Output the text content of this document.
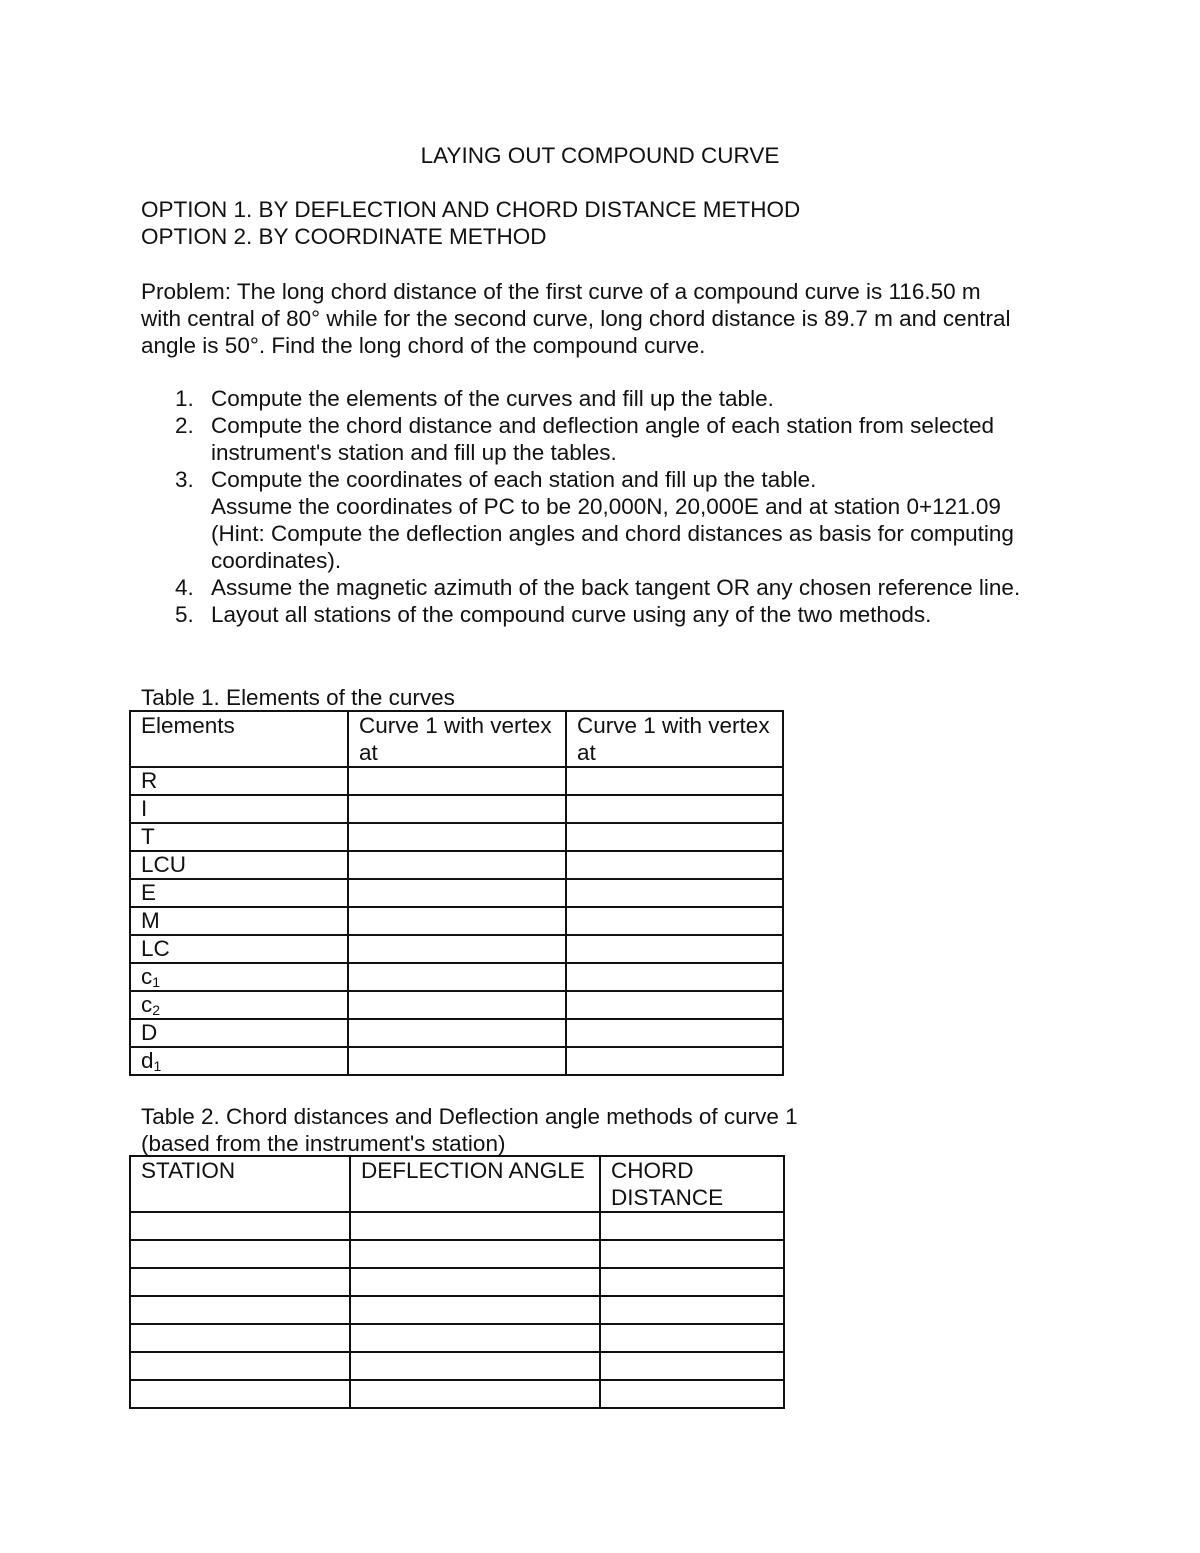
LAYING OUT COMPOUND CURVE

OPTION 1. BY DEFLECTION AND CHORD DISTANCE METHOD

OPTION 2. BY COORDINATE METHOD

Problem: The long chord distance of the first curve of a compound curve is 116.50 m

with central of 80° while for the second curve, long chord distance is 89.7 m and central

angle is 50°. Find the long chord of the compound curve.

1. Compute the elements of the curves and fill up the table.
2. Compute the chord distance and deflection angle of each station from selected
instrument's station and fill up the tables.
3. Compute the coordinates of each station and fill up the table.
Assume the coordinates of PC to be 20,000N, 20,000E and at station 0+121.09
(Hint: Compute the deflection angles and chord distances as basis for computing
coordinates).
4. Assume the magnetic azimuth of the back tangent OR any chosen reference line.
5. Layout all stations of the compound curve using any of the two methods.
Table 1. Elements of the curves
Elements	Curve 1 with vertex at	Curve 1 with vertex at
R		
I		
T		
LCU		
E		
M		
LC		
$c_1$		
$c_2$		
D		
$d_1$		
Table 2. Chord distances and Deflection angle methods of curve 1
(based from the instrument's station)
STATION	DEFLECTION ANGLE	CHORD DISTANCE
